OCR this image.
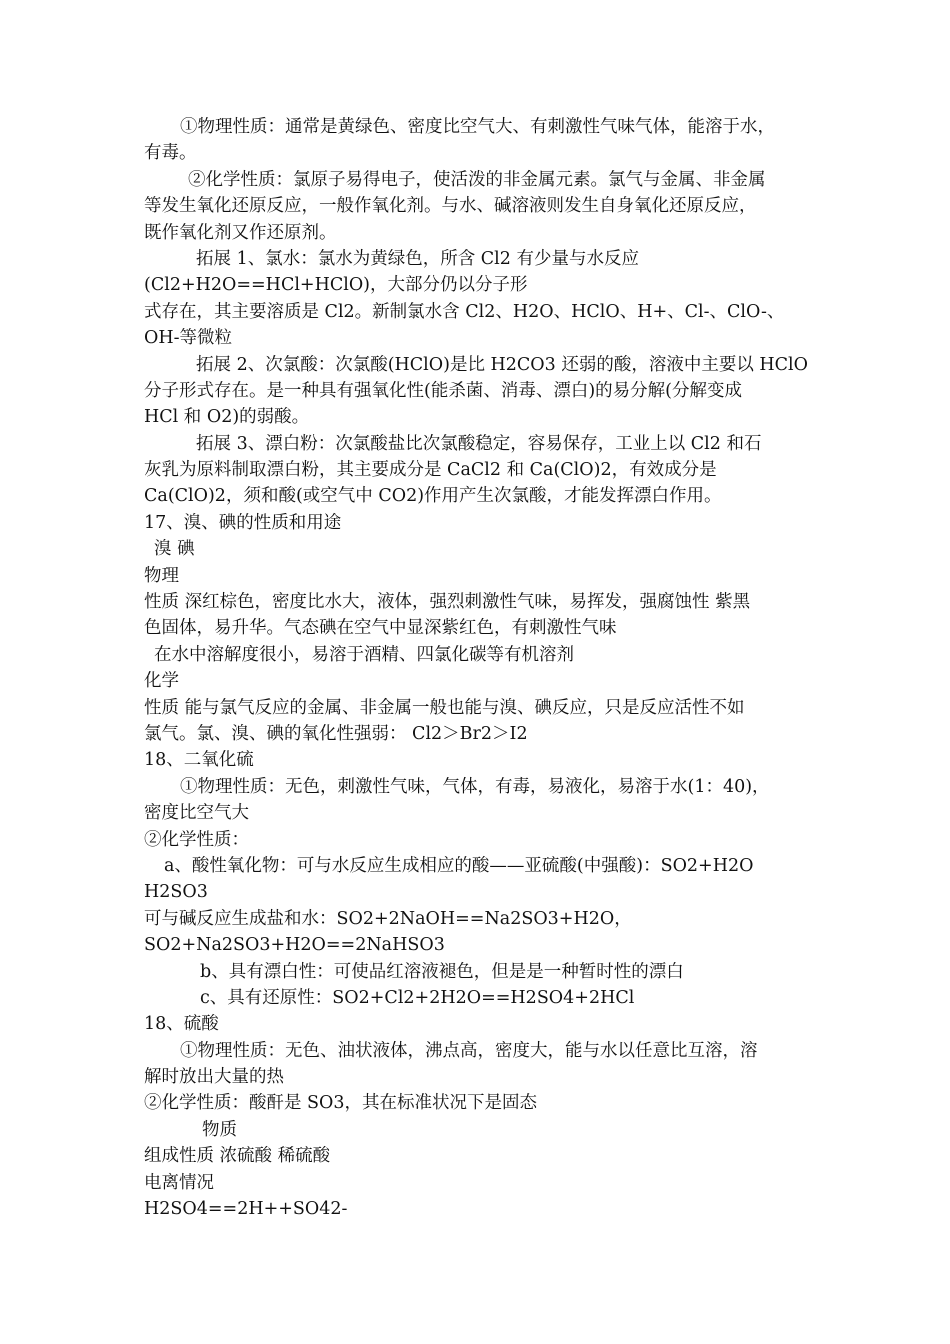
①物理性质：通常是黄绿色、密度比空气大、有刺激性气味气体，能溶于水，
有毒。
②化学性质：氯原子易得电子，使活泼的非金属元素。氯气与金属、非金属
等发生氧化还原反应，一般作氧化剂。与水、碱溶液则发生自身氧化还原反应，
既作氧化剂又作还原剂。
拓展 1、氯水：氯水为黄绿色，所含 Cl2 有少量与水反应
(Cl2+H2O==HCl+HClO)，大部分仍以分子形
式存在，其主要溶质是 Cl2。新制氯水含 Cl2、H2O、HClO、H+、Cl-、ClO-、
OH-等微粒
拓展 2、次氯酸：次氯酸(HClO)是比 H2CO3 还弱的酸，溶液中主要以 HClO
分子形式存在。是一种具有强氧化性(能杀菌、消毒、漂白)的易分解(分解变成
HCl 和 O2)的弱酸。
拓展 3、漂白粉：次氯酸盐比次氯酸稳定，容易保存，工业上以 Cl2 和石
灰乳为原料制取漂白粉，其主要成分是 CaCl2 和 Ca(ClO)2，有效成分是
Ca(ClO)2，须和酸(或空气中 CO2)作用产生次氯酸，才能发挥漂白作用。
17、溴、碘的性质和用途
溴 碘
物理
性质 深红棕色，密度比水大，液体，强烈刺激性气味，易挥发，强腐蚀性 紫黑
色固体，易升华。气态碘在空气中显深紫红色，有刺激性气味
在水中溶解度很小，易溶于酒精、四氯化碳等有机溶剂
化学
性质 能与氯气反应的金属、非金属一般也能与溴、碘反应，只是反应活性不如
氯气。氯、溴、碘的氧化性强弱： Cl2＞Br2＞I2
18、二氧化硫
①物理性质：无色，刺激性气味，气体，有毒，易液化，易溶于水(1：40)，
密度比空气大
②化学性质：
a、酸性氧化物：可与水反应生成相应的酸——亚硫酸(中强酸)：SO2+H2O
H2SO3
可与碱反应生成盐和水：SO2+2NaOH==Na2SO3+H2O，
SO2+Na2SO3+H2O==2NaHSO3
b、具有漂白性：可使品红溶液褪色，但是是一种暂时性的漂白
c、具有还原性：SO2+Cl2+2H2O==H2SO4+2HCl
18、硫酸
①物理性质：无色、油状液体，沸点高，密度大，能与水以任意比互溶，溶
解时放出大量的热
②化学性质：酸酐是 SO3，其在标准状况下是固态
物质
组成性质 浓硫酸 稀硫酸
电离情况
H2SO4==2H++SO42-
